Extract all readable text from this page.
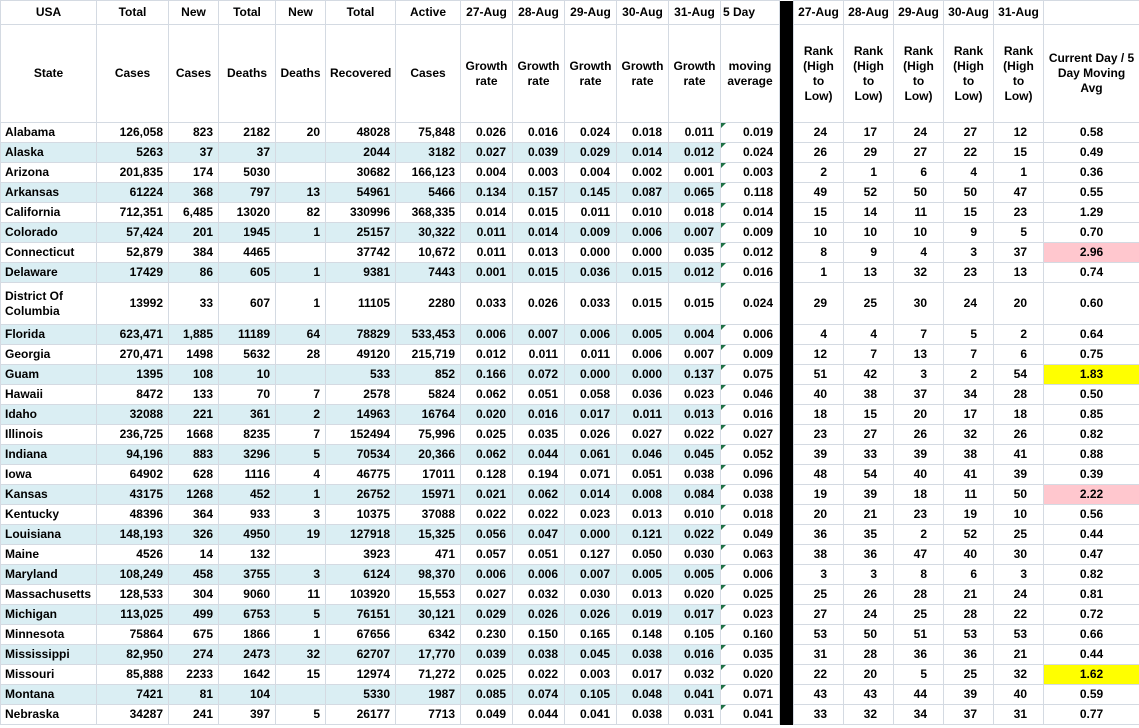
USA	Total	New	Total	New	Total	Active	27-Aug	28-Aug	29-Aug	30-Aug	31-Aug	5 Day		27-Aug	28-Aug	29-Aug	30-Aug	31-Aug	
State	Cases	Cases	Deaths	Deaths	Recovered	Cases	Growth rate	Growth rate	Growth rate	Growth rate	Growth rate	moving average		Rank (High to Low)	Rank (High to Low)	Rank (High to Low)	Rank (High to Low)	Rank (High to Low)	Current Day / 5 Day Moving Avg
Alabama	126,058	823	2182	20	48028	75,848	0.026	0.016	0.024	0.018	0.011	0.019		24	17	24	27	12	0.58
Alaska	5263	37	37		2044	3182	0.027	0.039	0.029	0.014	0.012	0.024		26	29	27	22	15	0.49
Arizona	201,835	174	5030		30682	166,123	0.004	0.003	0.004	0.002	0.001	0.003		2	1	6	4	1	0.36
Arkansas	61224	368	797	13	54961	5466	0.134	0.157	0.145	0.087	0.065	0.118		49	52	50	50	47	0.55
California	712,351	6,485	13020	82	330996	368,335	0.014	0.015	0.011	0.010	0.018	0.014		15	14	11	15	23	1.29
Colorado	57,424	201	1945	1	25157	30,322	0.011	0.014	0.009	0.006	0.007	0.009		10	10	10	9	5	0.70
Connecticut	52,879	384	4465		37742	10,672	0.011	0.013	0.000	0.000	0.035	0.012		8	9	4	3	37	2.96
Delaware	17429	86	605	1	9381	7443	0.001	0.015	0.036	0.015	0.012	0.016		1	13	32	23	13	0.74
District Of Columbia	13992	33	607	1	11105	2280	0.033	0.026	0.033	0.015	0.015	0.024		29	25	30	24	20	0.60
Florida	623,471	1,885	11189	64	78829	533,453	0.006	0.007	0.006	0.005	0.004	0.006		4	4	7	5	2	0.64
Georgia	270,471	1498	5632	28	49120	215,719	0.012	0.011	0.011	0.006	0.007	0.009		12	7	13	7	6	0.75
Guam	1395	108	10		533	852	0.166	0.072	0.000	0.000	0.137	0.075		51	42	3	2	54	1.83
Hawaii	8472	133	70	7	2578	5824	0.062	0.051	0.058	0.036	0.023	0.046		40	38	37	34	28	0.50
Idaho	32088	221	361	2	14963	16764	0.020	0.016	0.017	0.011	0.013	0.016		18	15	20	17	18	0.85
Illinois	236,725	1668	8235	7	152494	75,996	0.025	0.035	0.026	0.027	0.022	0.027		23	27	26	32	26	0.82
Indiana	94,196	883	3296	5	70534	20,366	0.062	0.044	0.061	0.046	0.045	0.052		39	33	39	38	41	0.88
Iowa	64902	628	1116	4	46775	17011	0.128	0.194	0.071	0.051	0.038	0.096		48	54	40	41	39	0.39
Kansas	43175	1268	452	1	26752	15971	0.021	0.062	0.014	0.008	0.084	0.038		19	39	18	11	50	2.22
Kentucky	48396	364	933	3	10375	37088	0.022	0.022	0.023	0.013	0.010	0.018		20	21	23	19	10	0.56
Louisiana	148,193	326	4950	19	127918	15,325	0.056	0.047	0.000	0.121	0.022	0.049		36	35	2	52	25	0.44
Maine	4526	14	132		3923	471	0.057	0.051	0.127	0.050	0.030	0.063		38	36	47	40	30	0.47
Maryland	108,249	458	3755	3	6124	98,370	0.006	0.006	0.007	0.005	0.005	0.006		3	3	8	6	3	0.82
Massachusetts	128,533	304	9060	11	103920	15,553	0.027	0.032	0.030	0.013	0.020	0.025		25	26	28	21	24	0.81
Michigan	113,025	499	6753	5	76151	30,121	0.029	0.026	0.026	0.019	0.017	0.023		27	24	25	28	22	0.72
Minnesota	75864	675	1866	1	67656	6342	0.230	0.150	0.165	0.148	0.105	0.160		53	50	51	53	53	0.66
Mississippi	82,950	274	2473	32	62707	17,770	0.039	0.038	0.045	0.038	0.016	0.035		31	28	36	36	21	0.44
Missouri	85,888	2233	1642	15	12974	71,272	0.025	0.022	0.003	0.017	0.032	0.020		22	20	5	25	32	1.62
Montana	7421	81	104		5330	1987	0.085	0.074	0.105	0.048	0.041	0.071		43	43	44	39	40	0.59
Nebraska	34287	241	397	5	26177	7713	0.049	0.044	0.041	0.038	0.031	0.041		33	32	34	37	31	0.77
